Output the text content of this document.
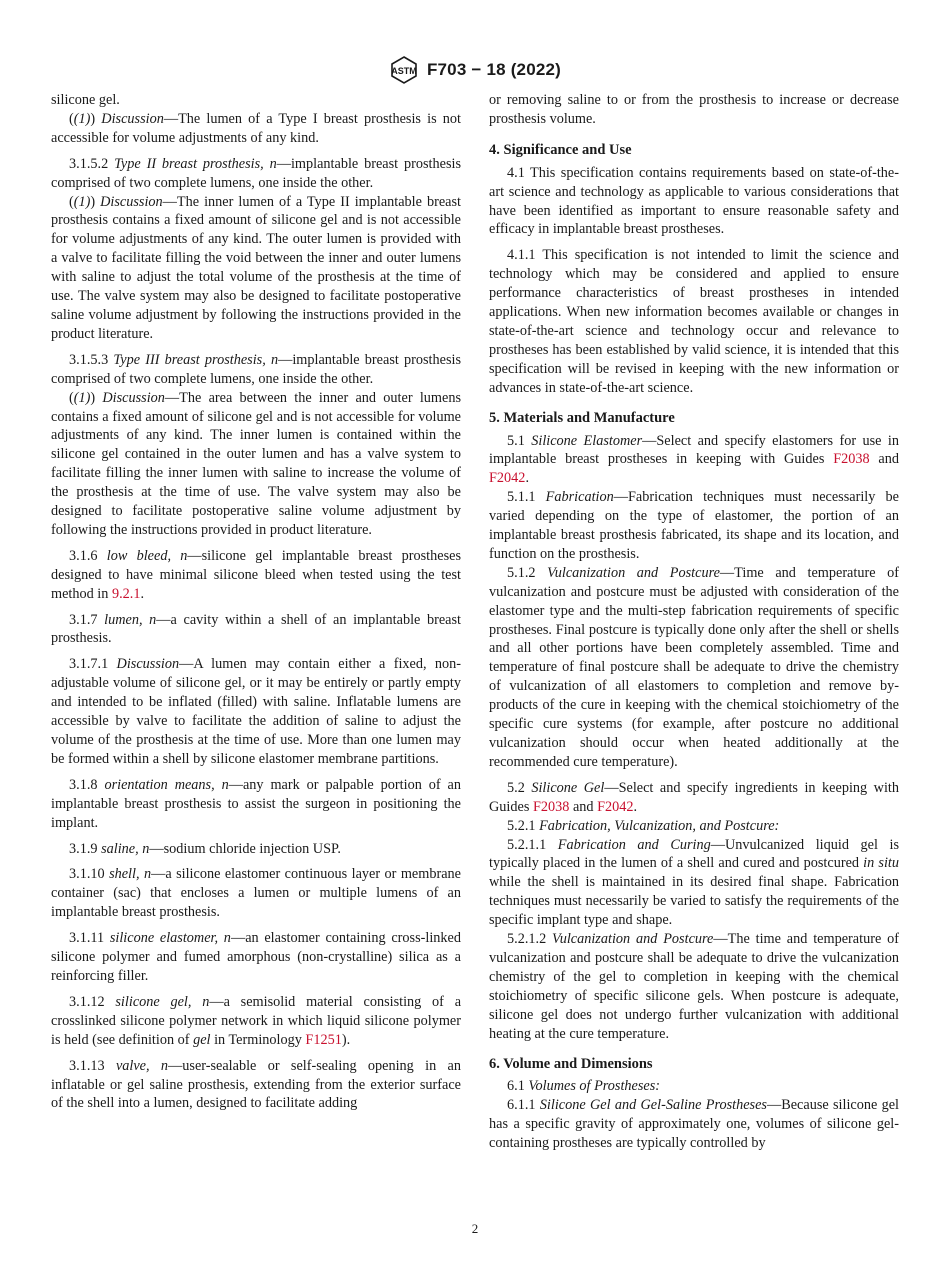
ASTM F703 − 18 (2022)

silicone gel.

((1)) Discussion—The lumen of a Type I breast prosthesis is not accessible for volume adjustments of any kind.

3.1.5.2 Type II breast prosthesis, n—implantable breast prosthesis comprised of two complete lumens, one inside the other.

((1)) Discussion—The inner lumen of a Type II implantable breast prosthesis contains a fixed amount of silicone gel and is not accessible for volume adjustments of any kind. The outer lumen is provided with a valve to facilitate filling the void between the inner and outer lumens with saline to adjust the total volume of the prosthesis at the time of use. The valve system may also be designed to facilitate postoperative saline volume adjustment by following the instructions provided in the product literature.

3.1.5.3 Type III breast prosthesis, n—implantable breast prosthesis comprised of two complete lumens, one inside the other.

((1)) Discussion—The area between the inner and outer lumens contains a fixed amount of silicone gel and is not accessible for volume adjustments of any kind. The inner lumen is contained within the silicone gel contained in the outer lumen and has a valve system to facilitate filling the inner lumen with saline to increase the volume of the prosthesis at the time of use. The valve system may also be designed to facilitate postoperative saline volume adjustment by following the instructions provided in product literature.

3.1.6 low bleed, n—silicone gel implantable breast prostheses designed to have minimal silicone bleed when tested using the test method in 9.2.1.

3.1.7 lumen, n—a cavity within a shell of an implantable breast prosthesis.

3.1.7.1 Discussion—A lumen may contain either a fixed, non-adjustable volume of silicone gel, or it may be entirely or partly empty and intended to be inflated (filled) with saline. Inflatable lumens are accessible by valve to facilitate the addition of saline to adjust the volume of the prosthesis at the time of use. More than one lumen may be formed within a shell by silicone elastomer membrane partitions.

3.1.8 orientation means, n—any mark or palpable portion of an implantable breast prosthesis to assist the surgeon in positioning the implant.

3.1.9 saline, n—sodium chloride injection USP.

3.1.10 shell, n—a silicone elastomer continuous layer or membrane container (sac) that encloses a lumen or multiple lumens of an implantable breast prosthesis.

3.1.11 silicone elastomer, n—an elastomer containing cross-linked silicone polymer and fumed amorphous (non-crystalline) silica as a reinforcing filler.

3.1.12 silicone gel, n—a semisolid material consisting of a crosslinked silicone polymer network in which liquid silicone polymer is held (see definition of gel in Terminology F1251).

3.1.13 valve, n—user-sealable or self-sealing opening in an inflatable or gel saline prosthesis, extending from the exterior surface of the shell into a lumen, designed to facilitate adding

or removing saline to or from the prosthesis to increase or decrease prosthesis volume.

4. Significance and Use

4.1 This specification contains requirements based on state-of-the-art science and technology as applicable to various considerations that have been identified as important to ensure reasonable safety and efficacy in implantable breast prostheses.

4.1.1 This specification is not intended to limit the science and technology which may be considered and applied to ensure performance characteristics of breast prostheses in intended applications. When new information becomes available or changes in state-of-the-art science and technology occur and relevance to prostheses has been established by valid science, it is intended that this specification will be revised in keeping with the new information or advances in state-of-the-art science.

5. Materials and Manufacture

5.1 Silicone Elastomer—Select and specify elastomers for use in implantable breast prostheses in keeping with Guides F2038 and F2042.

5.1.1 Fabrication—Fabrication techniques must necessarily be varied depending on the type of elastomer, the portion of an implantable breast prosthesis fabricated, its shape and its location, and function on the prosthesis.

5.1.2 Vulcanization and Postcure—Time and temperature of vulcanization and postcure must be adjusted with consideration of the elastomer type and the multi-step fabrication requirements of specific prostheses. Final postcure is typically done only after the shell or shells and all other portions have been completely assembled. Time and temperature of final postcure shall be adequate to drive the chemistry of vulcanization of all elastomers to completion and remove by-products of the cure in keeping with the chemical stoichiometry of the specific cure systems (for example, after postcure no additional vulcanization should occur when heated additionally at the recommended cure temperature).

5.2 Silicone Gel—Select and specify ingredients in keeping with Guides F2038 and F2042.

5.2.1 Fabrication, Vulcanization, and Postcure:

5.2.1.1 Fabrication and Curing—Unvulcanized liquid gel is typically placed in the lumen of a shell and cured and postcured in situ while the shell is maintained in its desired final shape. Fabrication techniques must necessarily be varied to satisfy the requirements of the specific implant type and shape.

5.2.1.2 Vulcanization and Postcure—The time and temperature of vulcanization and postcure shall be adequate to drive the vulcanization chemistry of the gel to completion in keeping with the chemical stoichiometry of specific silicone gels. When postcure is adequate, silicone gel does not undergo further vulcanization with additional heating at the cure temperature.

6. Volume and Dimensions

6.1 Volumes of Prostheses:

6.1.1 Silicone Gel and Gel-Saline Prostheses—Because silicone gel has a specific gravity of approximately one, volumes of silicone gel-containing prostheses are typically controlled by

2
